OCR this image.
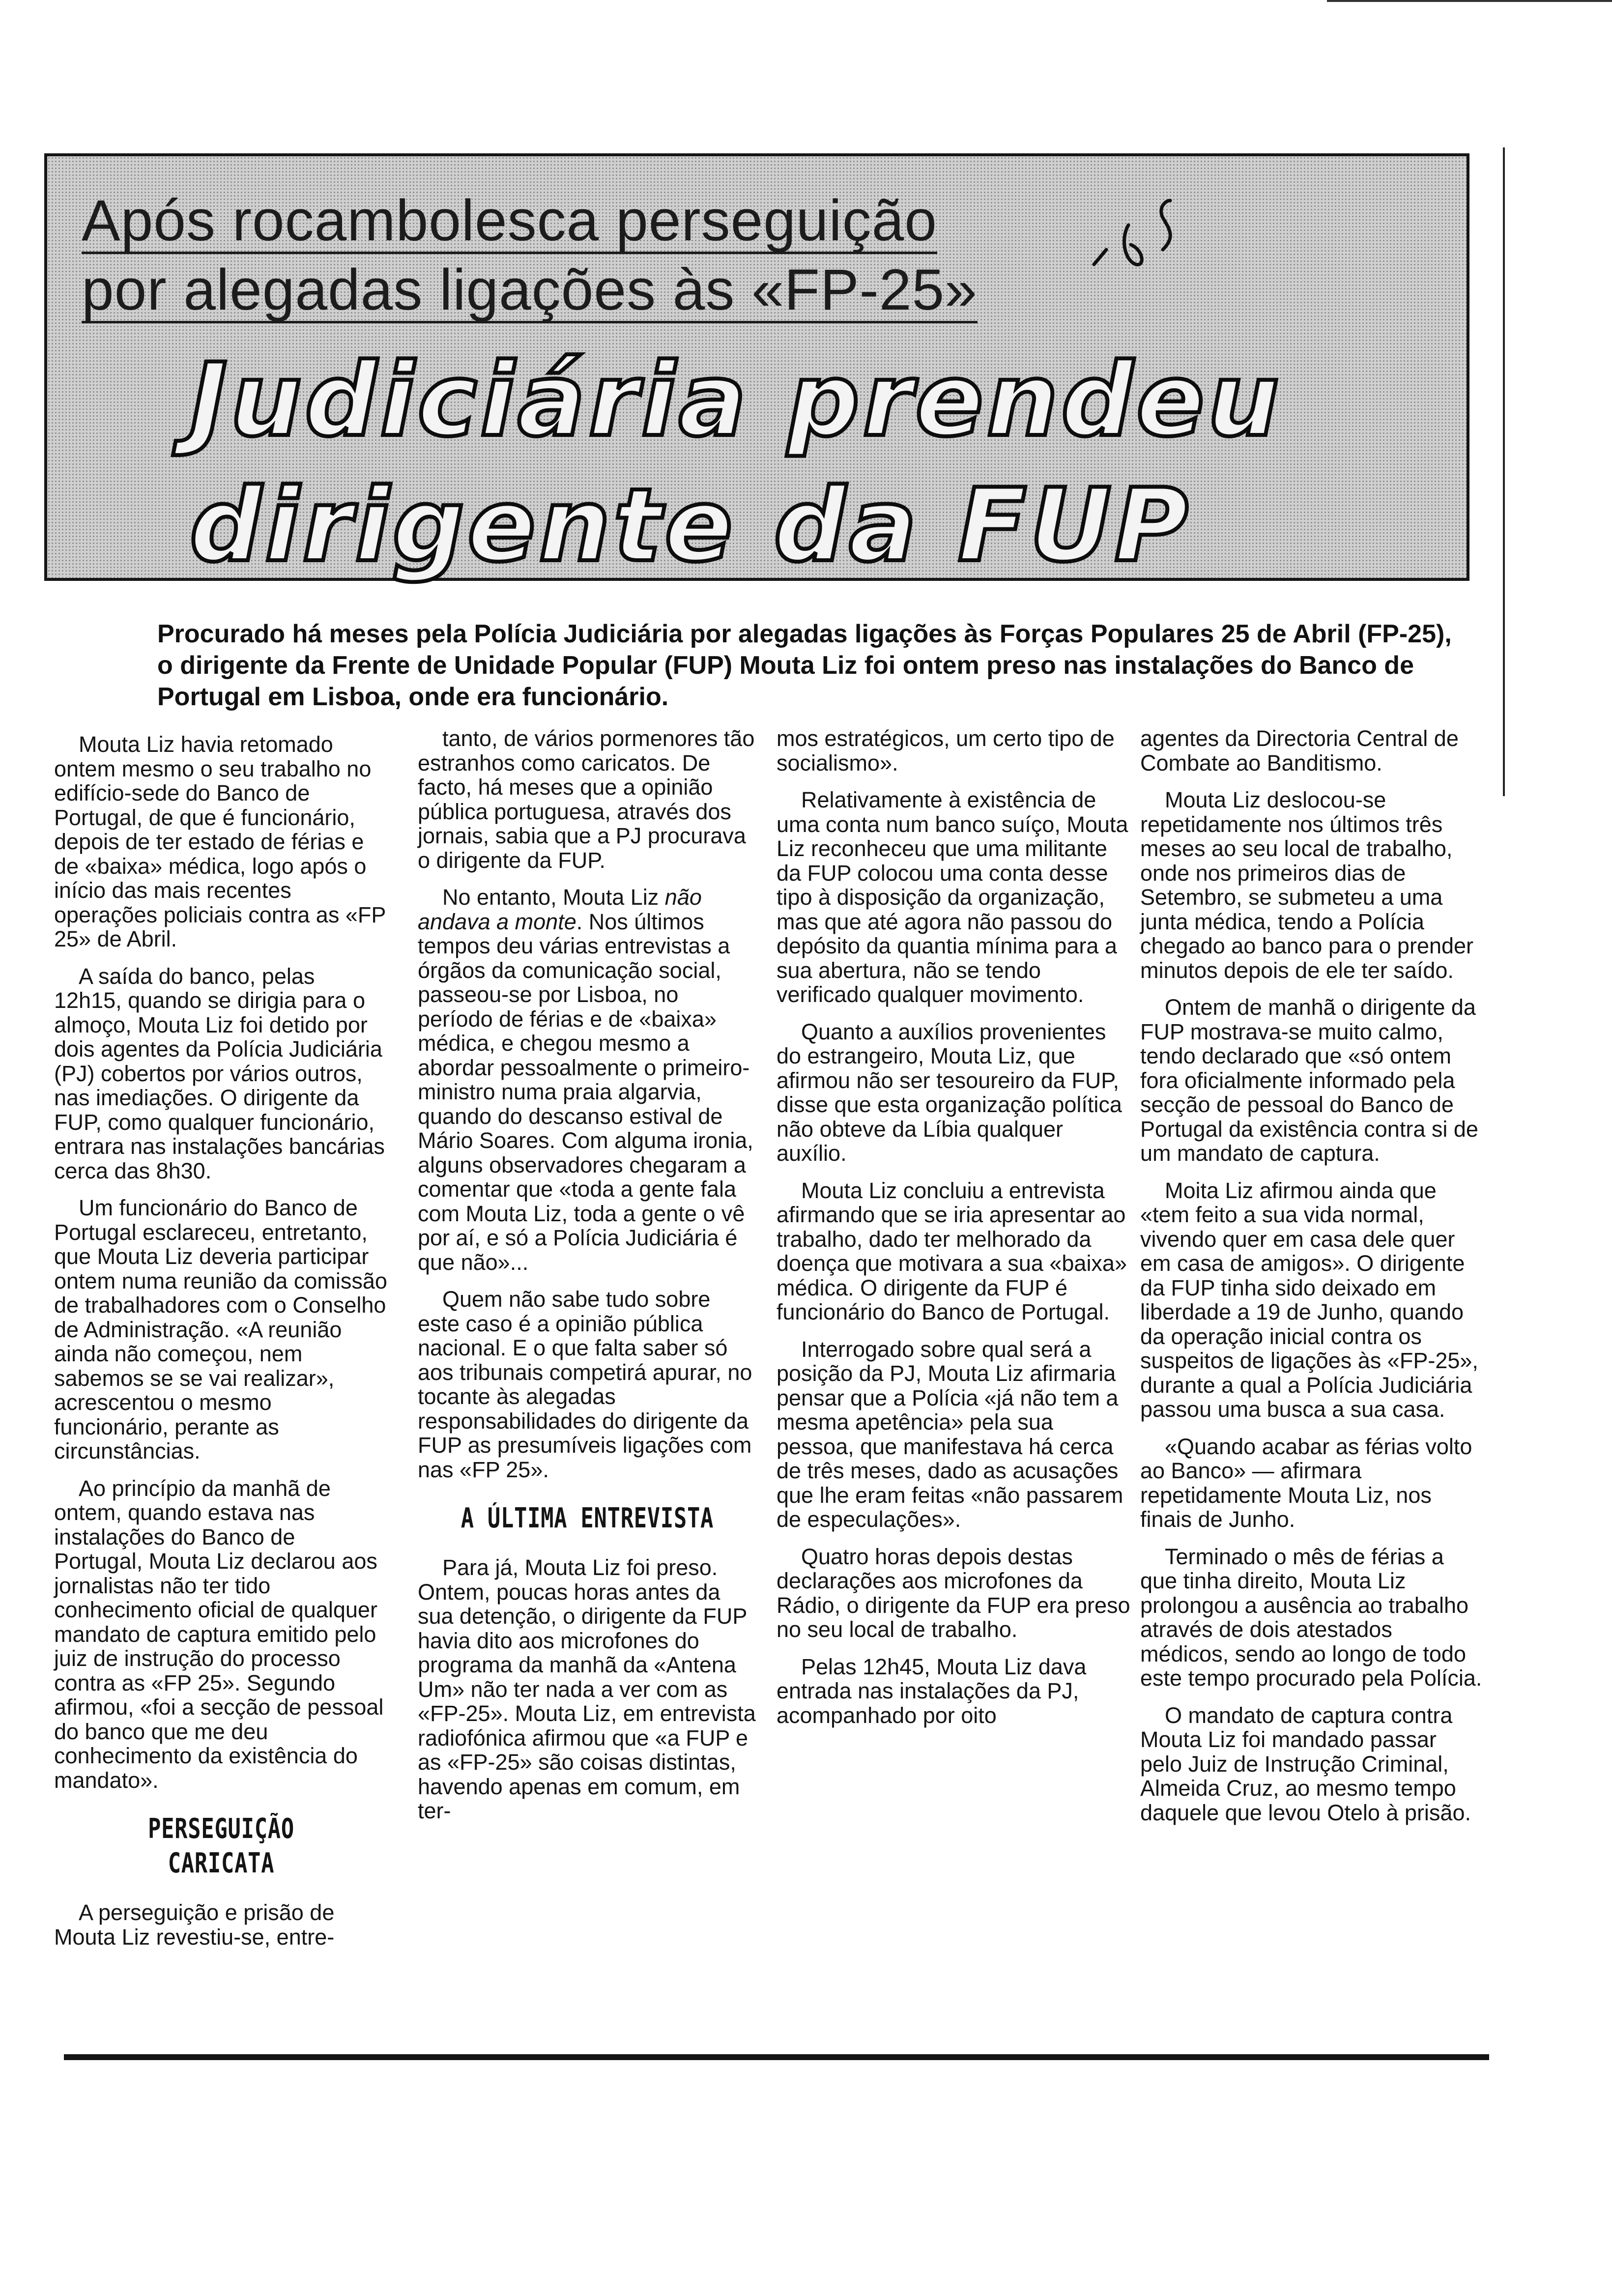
Após rocambolesca perseguição
por alegadas ligações às «FP-25»
Judiciária prendeu
dirigente da FUP
Procurado há meses pela Polícia Judiciária por alegadas ligações às Forças Populares 25 de Abril (FP-25), o dirigente da Frente de Unidade Popular (FUP) Mouta Liz foi ontem preso nas instalações do Banco de Portugal em Lisboa, onde era funcionário.

Mouta Liz havia retomado ontem mesmo o seu trabalho no edifício-sede do Banco de Portugal, de que é funcionário, depois de ter estado de férias e de «baixa» médica, logo após o início das mais recentes operações policiais contra as «FP 25» de Abril.

A saída do banco, pelas 12h15, quando se dirigia para o almoço, Mouta Liz foi detido por dois agentes da Polícia Judiciária (PJ) cobertos por vários outros, nas imediações. O dirigente da FUP, como qualquer funcionário, entrara nas instalações bancárias cerca das 8h30.

Um funcionário do Banco de Portugal esclareceu, entretanto, que Mouta Liz deveria participar ontem numa reunião da comissão de trabalhadores com o Conselho de Administração. «A reunião ainda não começou, nem sabemos se se vai realizar», acrescentou o mesmo funcionário, perante as circunstâncias.

Ao princípio da manhã de ontem, quando estava nas instalações do Banco de Portugal, Mouta Liz declarou aos jornalistas não ter tido conhecimento oficial de qualquer mandato de captura emitido pelo juiz de instrução do processo contra as «FP 25». Segundo afirmou, «foi a secção de pessoal do banco que me deu conhecimento da existência do mandato».

PERSEGUIÇÃO CARICATA

A perseguição e prisão de Mouta Liz revestiu-se, entre-

tanto, de vários pormenores tão estranhos como caricatos. De facto, há meses que a opinião pública portuguesa, através dos jornais, sabia que a PJ procurava o dirigente da FUP.

No entanto, Mouta Liz não andava a monte. Nos últimos tempos deu várias entrevistas a órgãos da comunicação social, passeou-se por Lisboa, no período de férias e de «baixa» médica, e chegou mesmo a abordar pessoalmente o primeiro-ministro numa praia algarvia, quando do descanso estival de Mário Soares. Com alguma ironia, alguns observadores chegaram a comentar que «toda a gente fala com Mouta Liz, toda a gente o vê por aí, e só a Polícia Judiciária é que não»...

Quem não sabe tudo sobre este caso é a opinião pública nacional. E o que falta saber só aos tribunais competirá apurar, no tocante às alegadas responsabilidades do dirigente da FUP as presumíveis ligações com nas «FP 25».

A ÚLTIMA ENTREVISTA

Para já, Mouta Liz foi preso. Ontem, poucas horas antes da sua detenção, o dirigente da FUP havia dito aos microfones do programa da manhã da «Antena Um» não ter nada a ver com as «FP-25». Mouta Liz, em entrevista radiofónica afirmou que «a FUP e as «FP-25» são coisas distintas, havendo apenas em comum, em ter-

mos estratégicos, um certo tipo de socialismo».

Relativamente à existência de uma conta num banco suíço, Mouta Liz reconheceu que uma militante da FUP colocou uma conta desse tipo à disposição da organização, mas que até agora não passou do depósito da quantia mínima para a sua abertura, não se tendo verificado qualquer movimento.

Quanto a auxílios provenientes do estrangeiro, Mouta Liz, que afirmou não ser tesoureiro da FUP, disse que esta organização política não obteve da Líbia qualquer auxílio.

Mouta Liz concluiu a entrevista afirmando que se iria apresentar ao trabalho, dado ter melhorado da doença que motivara a sua «baixa» médica. O dirigente da FUP é funcionário do Banco de Portugal.

Interrogado sobre qual será a posição da PJ, Mouta Liz afirmaria pensar que a Polícia «já não tem a mesma apetência» pela sua pessoa, que manifestava há cerca de três meses, dado as acusações que lhe eram feitas «não passarem de especulações».

Quatro horas depois destas declarações aos microfones da Rádio, o dirigente da FUP era preso no seu local de trabalho.

Pelas 12h45, Mouta Liz dava entrada nas instalações da PJ, acompanhado por oito

agentes da Directoria Central de Combate ao Banditismo.

Mouta Liz deslocou-se repetidamente nos últimos três meses ao seu local de trabalho, onde nos primeiros dias de Setembro, se submeteu a uma junta médica, tendo a Polícia chegado ao banco para o prender minutos depois de ele ter saído.

Ontem de manhã o dirigente da FUP mostrava-se muito calmo, tendo declarado que «só ontem fora oficialmente informado pela secção de pessoal do Banco de Portugal da existência contra si de um mandato de captura.

Moita Liz afirmou ainda que «tem feito a sua vida normal, vivendo quer em casa dele quer em casa de amigos». O dirigente da FUP tinha sido deixado em liberdade a 19 de Junho, quando da operação inicial contra os suspeitos de ligações às «FP-25», durante a qual a Polícia Judiciária passou uma busca a sua casa.

«Quando acabar as férias volto ao Banco» — afirmara repetidamente Mouta Liz, nos finais de Junho.

Terminado o mês de férias a que tinha direito, Mouta Liz prolongou a ausência ao trabalho através de dois atestados médicos, sendo ao longo de todo este tempo procurado pela Polícia.

O mandato de captura contra Mouta Liz foi mandado passar pelo Juiz de Instrução Criminal, Almeida Cruz, ao mesmo tempo daquele que levou Otelo à prisão.
